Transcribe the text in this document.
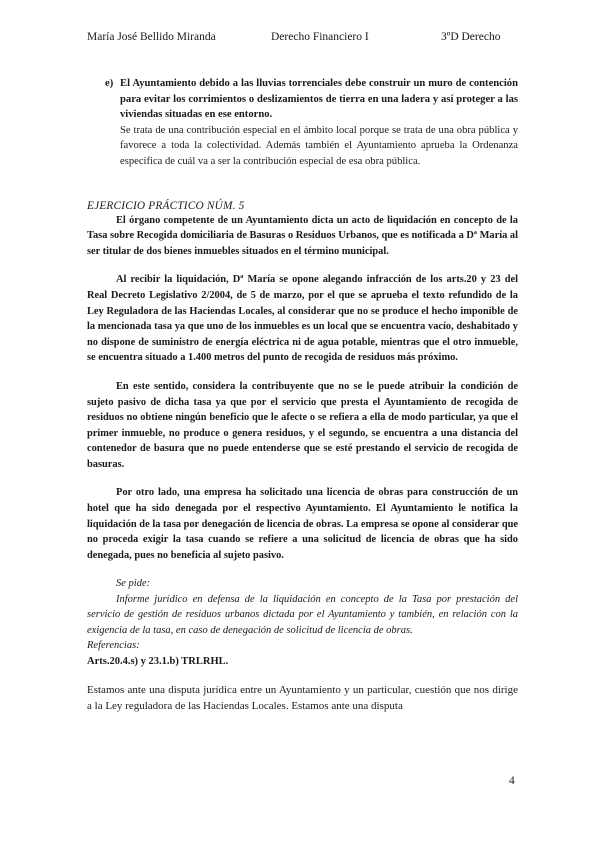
María José Bellido Miranda	Derecho Financiero I	3ºD Derecho
e) El Ayuntamiento debido a las lluvias torrenciales debe construir un muro de contención para evitar los corrimientos o deslizamientos de tierra en una ladera y así proteger a las viviendas situadas en ese entorno.

Se trata de una contribución especial en el ámbito local porque se trata de una obra pública y favorece a toda la colectividad. Además también el Ayuntamiento aprueba la Ordenanza específica de cuál va a ser la contribución especial de esa obra pública.

EJERCICIO PRÁCTICO NÚM. 5

El órgano competente de un Ayuntamiento dicta un acto de liquidación en concepto de la Tasa sobre Recogida domiciliaria de Basuras o Residuos Urbanos, que es notificada a Dª María al ser titular de dos bienes inmuebles situados en el término municipal.

Al recibir la liquidación, Dª María se opone alegando infracción de los arts.20 y 23 del Real Decreto Legislativo 2/2004, de 5 de marzo, por el que se aprueba el texto refundido de la Ley Reguladora de las Haciendas Locales, al considerar que no se produce el hecho imponible de la mencionada tasa ya que uno de los inmuebles es un local que se encuentra vacío, deshabitado y no dispone de suministro de energía eléctrica ni de agua potable, mientras que el otro inmueble, se encuentra situado a 1.400 metros del punto de recogida de residuos más próximo.

En este sentido, considera la contribuyente que no se le puede atribuir la condición de sujeto pasivo de dicha tasa ya que por el servicio que presta el Ayuntamiento de recogida de residuos no obtiene ningún beneficio que le afecte o se refiera a ella de modo particular, ya que el primer inmueble, no produce o genera residuos, y el segundo, se encuentra a una distancia del contenedor de basura que no puede entenderse que se esté prestando el servicio de recogida de basuras.

Por otro lado, una empresa ha solicitado una licencia de obras para construcción de un hotel que ha sido denegada por el respectivo Ayuntamiento. El Ayuntamiento le notifica la liquidación de la tasa por denegación de licencia de obras. La empresa se opone al considerar que no proceda exigir la tasa cuando se refiere a una solicitud de licencia de obras que ha sido denegada, pues no beneficia al sujeto pasivo.

Se pide:

Informe jurídico en defensa de la liquidación en concepto de la Tasa por prestación del servicio de gestión de residuos urbanos dictada por el Ayuntamiento y también, en relación con la exigencia de la tasa, en caso de denegación de solicitud de licencia de obras.

Referencias:

Arts.20.4.s) y 23.1.b) TRLRHL.

Estamos ante una disputa jurídica entre un Ayuntamiento y un particular, cuestión que nos dirige a la Ley reguladora de las Haciendas Locales. Estamos ante una disputa

4
